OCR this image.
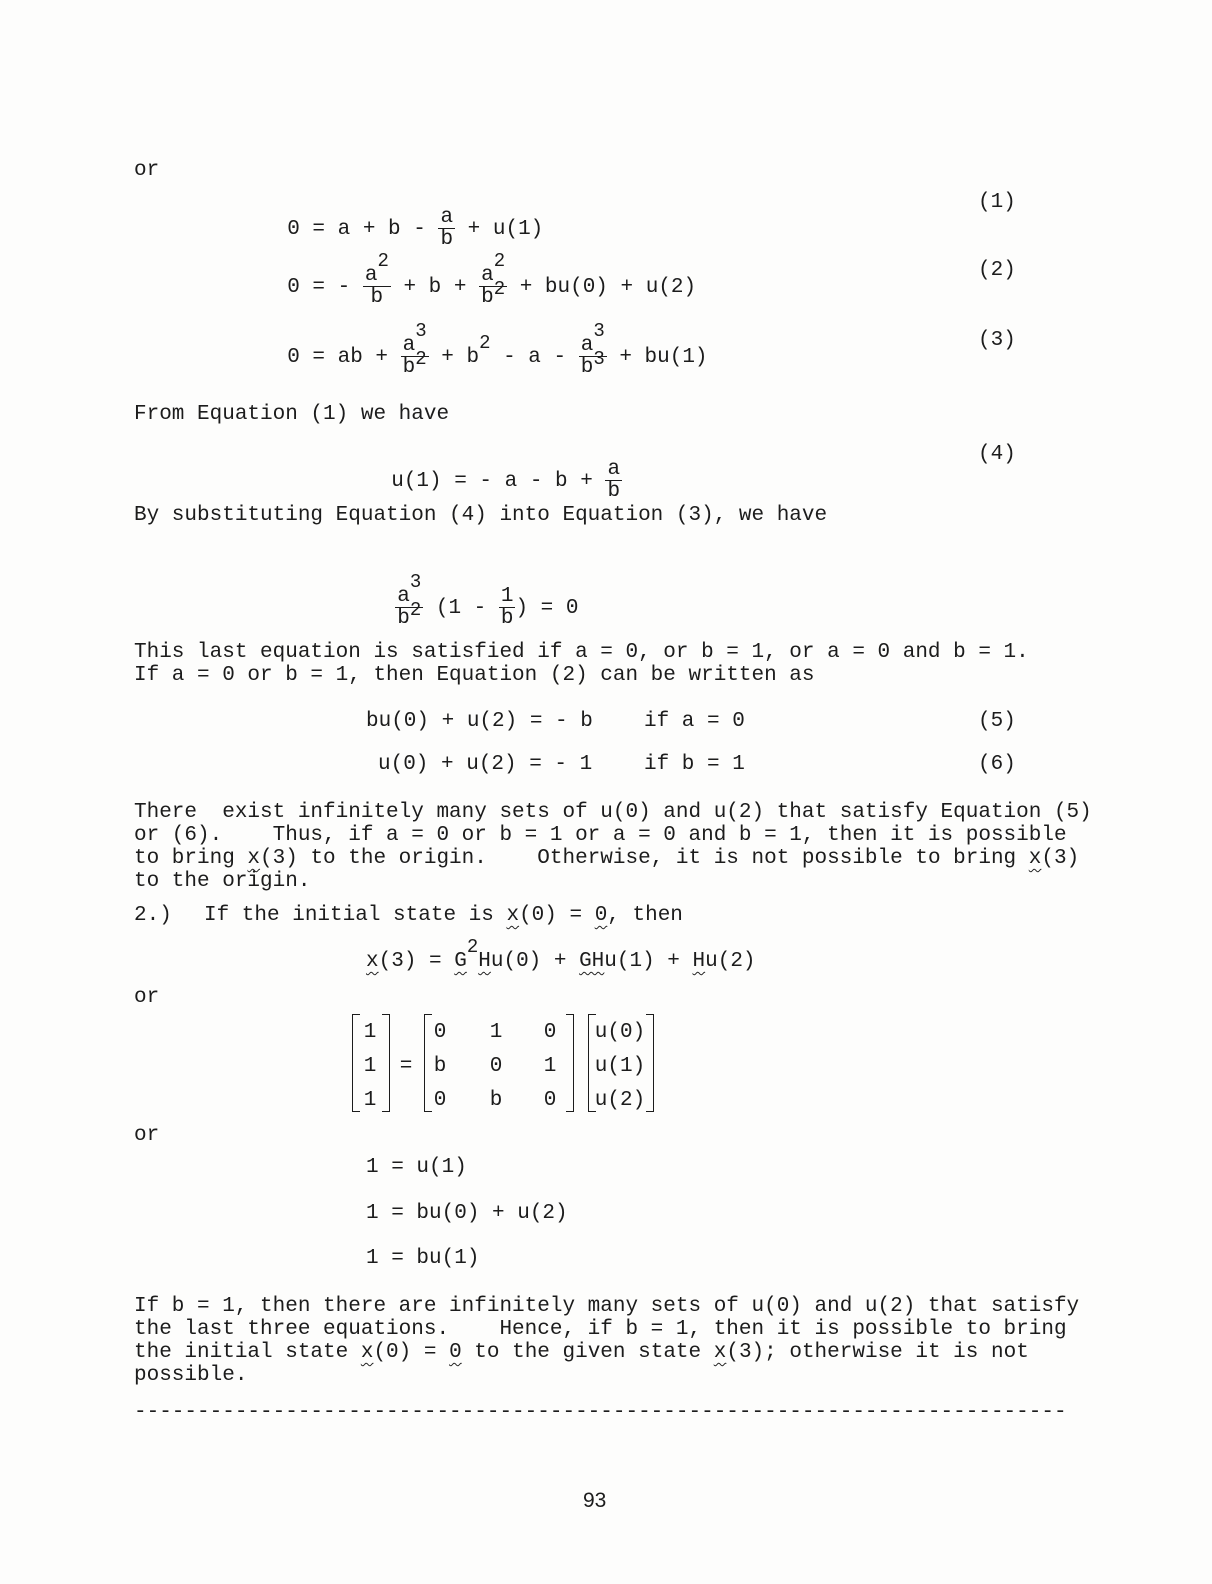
or

$0 = a + b - \frac{a}{b} + u(1)$

(1)

0 = - $\frac{a2}{b} + b + \frac{a2}{b2} + bu(0) + u(2)$

(2)

0 = ab + $\frac{a3}{b2} + b2 - a - \frac{a3}{b3} + bu(1)$

(3)
From Equation (1) we have

u(1) = - $a - b + \frac{a}{b}$

(4)
By substituting Equation (4) into Equation (3), we have

$\frac{a3}{b2} (1 - \frac{1}{b}$ ) = 0

This last equation is satisfied if a = 0, or b = 1, or a = 0 and b = 1.
If a = 0 or b = 1, then Equation (2) can be written as
bu(0) + u(2) = - b if a = 0	(5)
u(0) + u(2) = - 1 if b = 1	(6)
There  exist infinitely many sets of u(0) and u(2) that satisfy Equation (5)
or (6).    Thus, if a = 0 or b = 1 or a = 0 and b = 1, then it is possible
to bring x(3) to the origin.    Otherwise, it is not possible to bring x(3)
to the origin.
2.) If the initial state is x(0) = 0, then
x(3) = G2Hu(0) + GHu(1) + Hu(2)
or
1
1
1
=
0 1 0
b 0 1
0 b 0
u(0)
u(1)
u(2)
or
1 = u(1)
1 = bu(0) + u(2)
1 = bu(1)
If b = 1, then there are infinitely many sets of u(0) and u(2) that satisfy
the last three equations.    Hence, if b = 1, then it is possible to bring
the initial state x(0) = 0 to the given state x(3); otherwise it is not
possible.
--------------------------------------------------------------------------
93
